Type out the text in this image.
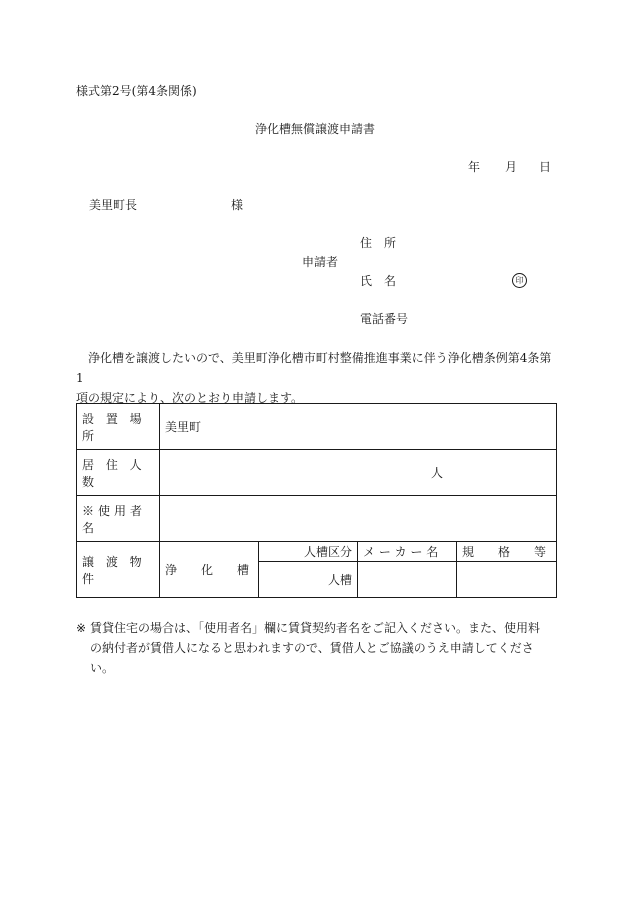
様式第2号(第4条関係)
浄化槽無償譲渡申請書
年 月 日
美里町長	様
住　所
申請者
氏　名	印
電話番号

浄化槽を譲渡したいので、美里町浄化槽市町村整備推進事業に伴う浄化槽条例第4条第1

項の規定により、次のとおり申請します。

設 置 場 所	美里町			
居 住 人 数	人			
※使用者名				
譲 渡 物 件	浄　　化　　槽	人槽区分	メ ー カ ー 名	規　　格　　等
		人槽		
※ 賃貸住宅の場合は、「使用者名」欄に賃貸契約者名をご記入ください。また、使用料
の納付者が賃借人になると思われますので、賃借人とご協議のうえ申請してくださ
い。
